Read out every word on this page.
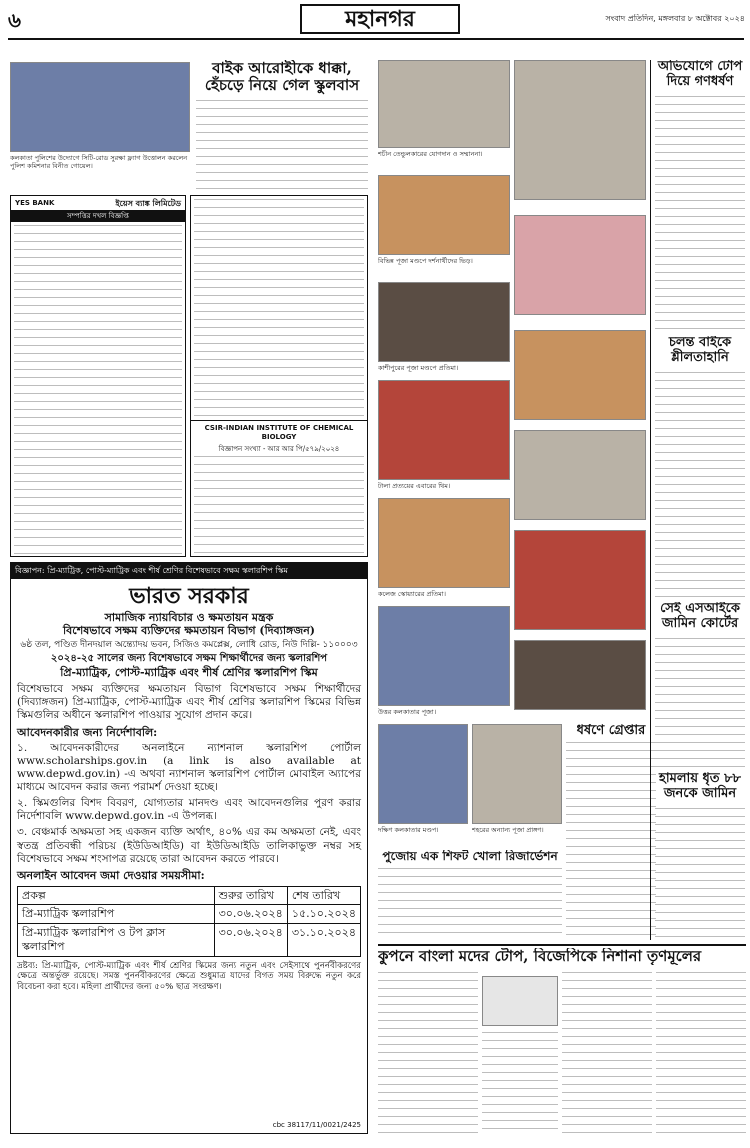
৬	মহানগর	সংবাদ প্রতিদিন, মঙ্গলবার ৮ অক্টোবর ২০২৪
কলকাতা পুলিশের উদ্যোগে সিটি-রোড সুরক্ষা ফ্ল্যাগ উত্তোলন করলেন পুলিশ কমিশনার বিনীত গোয়েল।
বাইক আরোহীকে ধাক্কা,
হেঁচড়ে নিয়ে গেল স্কুলবাস
YES BANK	ইয়েস ব্যাঙ্ক লিমিটেড
সম্পত্তির দখল বিজ্ঞপ্তি
CSIR-INDIAN INSTITUTE OF CHEMICAL BIOLOGY
বিজ্ঞাপন সংখ্যা - আর আর পি/৫৭৯/২০২৪
বিজ্ঞাপন: প্রি-ম্যাট্রিক, পোস্ট-ম্যাট্রিক এবং শীর্ষ শ্রেণির বিশেষভাবে সক্ষম স্কলারশিপ স্কিম
ভারত সরকার
সামাজিক ন্যায়বিচার ও ক্ষমতায়ন মন্ত্রক
বিশেষভাবে সক্ষম ব্যক্তিদের ক্ষমতায়ন বিভাগ (দিব্যাঙ্গজন)
৬ষ্ঠ তল, পণ্ডিত দীনদয়াল অন্ত্যোদয় ভবন, সিজিও কমপ্লেক্স, লোধি রোড, নিউ দিল্লি- ১১০০০৩
২০২৪-২৫ সালের জন্য বিশেষভাবে সক্ষম শিক্ষার্থীদের জন্য স্কলারশিপ
প্রি-ম্যাট্রিক, পোস্ট-ম্যাট্রিক এবং শীর্ষ শ্রেণির স্কলারশিপ স্কিম
বিশেষভাবে সক্ষম ব্যক্তিদের ক্ষমতায়ন বিভাগ বিশেষভাবে সক্ষম শিক্ষার্থীদের (দিব্যাঙ্গজন) প্রি-ম্যাট্রিক, পোস্ট-ম্যাট্রিক এবং শীর্ষ শ্রেণির স্কলারশিপ স্কিমের বিভিন্ন স্কিমগুলির অধীনে স্কলারশিপ পাওয়ার সুযোগ প্রদান করে।
আবেদনকারীর জন্য নির্দেশাবলি:
১. আবেদনকারীদের অনলাইনে ন্যাশনাল স্কলারশিপ পোর্টাল www.scholarships.gov.in (a link is also available at www.depwd.gov.in) -এ অথবা ন্যাশনাল স্কলারশিপ পোর্টাল মোবাইল অ্যাপের মাধ্যমে আবেদন করার জন্য পরামর্শ দেওয়া হচ্ছে।
২. স্কিমগুলির বিশদ বিবরণ, যোগ্যতার মানদণ্ড এবং আবেদনগুলির পুরণ করার নির্দেশাবলি www.depwd.gov.in -এ উপলব্ধ।
৩. বেঞ্চমার্ক অক্ষমতা সহ একজন ব্যক্তি অর্থাৎ, ৪০% এর কম অক্ষমতা নেই, এবং স্বতন্ত্র প্রতিবন্ধী পরিচয় (ইউডিআইডি) বা ইউডিআইডি তালিকাভুক্ত নম্বর সহ বিশেষভাবে সক্ষম শংসাপত্র রয়েছে তারা আবেদন করতে পারবে।
অনলাইন আবেদন জমা দেওয়ার সময়সীমা:
প্রকল্প	শুরুর তারিখ	শেষ তারিখ
প্রি-ম্যাট্রিক স্কলারশিপ	৩০.০৬.২০২৪	১৫.১০.২০২৪
প্রি-ম্যাট্রিক স্কলারশিপ ও টপ ক্লাস স্কলারশিপ	৩০.০৬.২০২৪	৩১.১০.২০২৪
দ্রষ্টব্য: প্রি-ম্যাট্রিক, পোস্ট-ম্যাট্রিক এবং শীর্ষ শ্রেণির স্কিমের জন্য নতুন এবং সেইসাথে পুনর্নবীকরণের ক্ষেত্রে অন্তর্ভুক্ত রয়েছে। সমস্ত পুনর্নবীকরণের ক্ষেত্রে শুধুমাত্র যাদের বিগত সময় বিরুদ্ধে নতুন করে বিবেচনা করা হবে। মহিলা প্রার্থীদের জন্য ৫০% ছাত্র সংরক্ষণ।
cbc 38117/11/0021/2425
শচীন তেন্ডুলকারের যোগদান ও সম্মাননা।
বিভিন্ন পূজা মণ্ডপে দর্শনার্থীদের ভিড়।
কাশীপুরের পূজা মণ্ডপে প্রতিমা।
টালা প্রত্যয়ের এবারের থিম।
কলেজ স্কোয়্যারের প্রতিমা।
উত্তর কলকাতার পূজা।
দক্ষিণ কলকাতার মণ্ডপ।	শহরের অন্যান্য পূজা প্রাঙ্গণ।
পুজোয় এক শিফট খোলা রিজার্ভেশন
ধর্ষণে গ্রেপ্তার
অভিযোগে টোপ দিয়ে গণধর্ষণ
চলন্ত বাইকে শ্লীলতাহানি
সেই এসআইকে জামিন কোর্টের
হামলায় ধৃত ৮৮ জনকে জামিন
কুপনে বাংলা মদের টোপ, বিজেপিকে নিশানা তৃণমূলের
